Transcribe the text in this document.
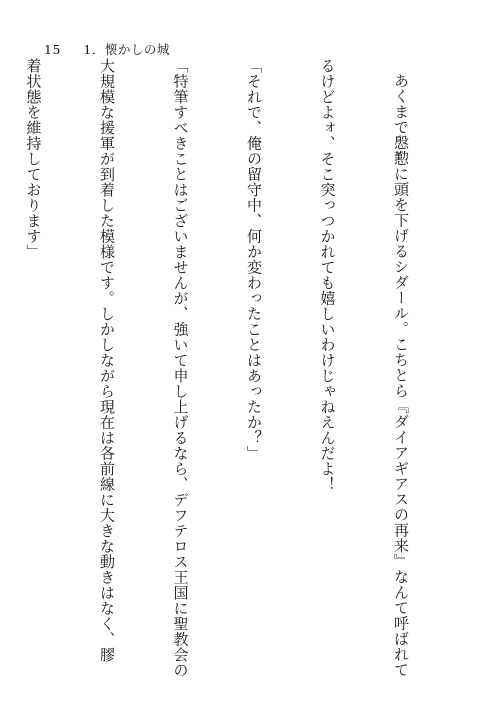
15 1．懐かしの城

あくまで慇懃に頭を下げるシダール。こちとら『ダイアギアスの再来』なんて呼ばれて

るけどよォ、そこ突っつかれても嬉しいわけじゃねえんだよ！

「それで、俺の留守中、何か変わったことはあったか？」

「特筆すべきことはございませんが、強いて申し上げるなら、デフテロス王国に聖教会の

大規模な援軍が到着した模様です。しかしながら現在は各前線に大きな動きはなく、膠

着状態を維持しております」
